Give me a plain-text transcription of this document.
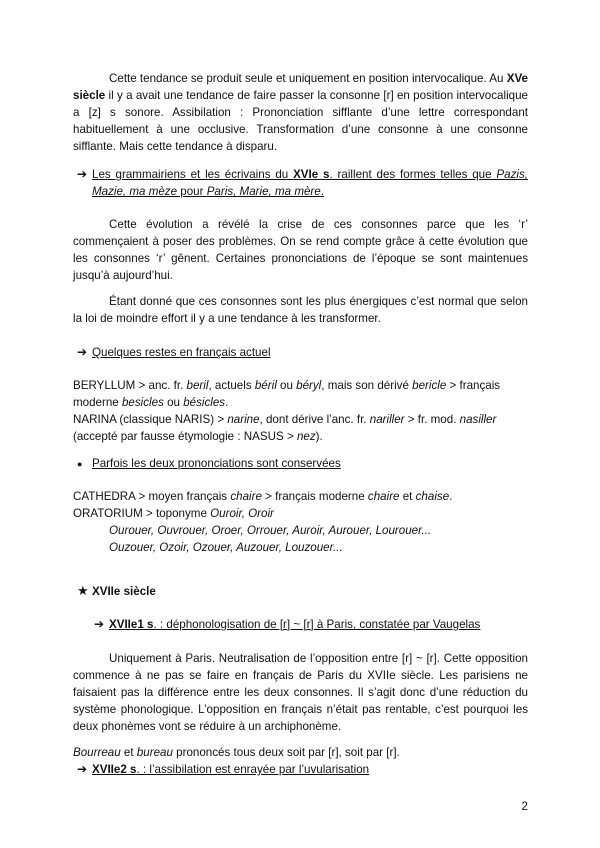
Cette tendance se produit seule et uniquement en position intervocalique. Au XVe siècle il y a avait une tendance de faire passer la consonne [r] en position intervocalique a [z] s sonore. Assibilation : Prononciation sifflante d’une lettre correspondant habituellement à une occlusive. Transformation d’une consonne à une consonne sifflante. Mais cette tendance à disparu.

➔ Les grammairiens et les écrivains du XVIe s. raillent des formes telles que Pazis, Mazie, ma mèze pour Paris, Marie, ma mère.

Cette évolution a révélé la crise de ces consonnes parce que les ‘r’ commençaient à poser des problèmes. On se rend compte grâce à cette évolution que les consonnes ‘r’ gênent. Certaines prononciations de l’époque se sont maintenues jusqu’à aujourd’hui.

Étant donné que ces consonnes sont les plus énergiques c’est normal que selon la loi de moindre effort il y a une tendance à les transformer.

➔ Quelques restes en français actuel

BERYLLUM > anc. fr. beril, actuels béril ou béryl, mais son dérivé bericle > français moderne besicles ou bésicles.

NARINA (classique NARIS) > narine, dont dérive l’anc. fr. nariller > fr. mod. nasiller (accepté par fausse étymologie : NASUS > nez).

● Parfois les deux prononciations sont conservées

CATHEDRA > moyen français chaire > français moderne chaire et chaise.

ORATORIUM > toponyme Ouroir, Oroir

Ourouer, Ouvrouer, Oroer, Orrouer, Auroir, Aurouer, Lourouer...

Ouzouer, Ozoir, Ozouer, Auzouer, Louzouer...

★ XVIIe siècle
➔ XVIIe1 s. : déphonologisation de [r] ~ [r] à Paris, constatée par Vaugelas

Uniquement à Paris. Neutralisation de l’opposition entre [r] ~ [r]. Cette opposition commence à ne pas se faire en français de Paris du XVIIe siècle. Les parisiens ne faisaient pas la différence entre les deux consonnes. Il s’agit donc d’une réduction du système phonologique. L’opposition en français n’était pas rentable, c’est pourquoi les deux phonèmes vont se réduire à un archiphonème.

Bourreau et bureau prononcés tous deux soit par [r], soit par [r].

➔ XVIIe2 s. : l’assibilation est enrayée par l’uvularisation
2
